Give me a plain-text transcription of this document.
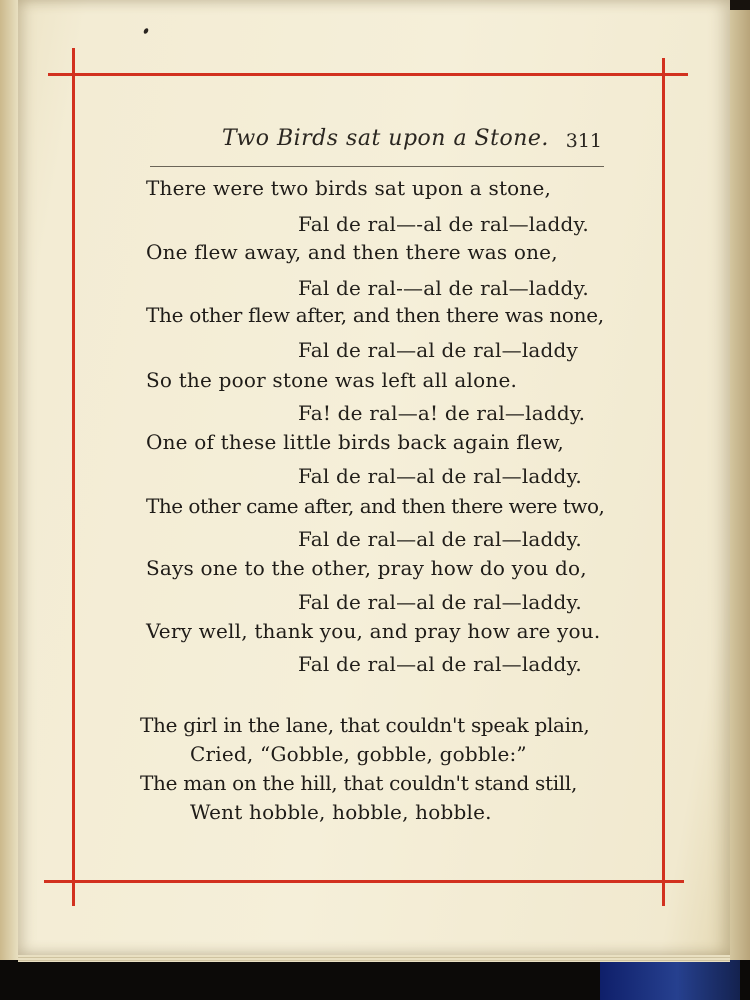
Two Birds sat upon a Stone. 311
There were two birds sat upon a stone,
Fal de ral—-al de ral—laddy.
One flew away, and then there was one,
Fal de ral-—al de ral—laddy.
The other flew after, and then there was none,
Fal de ral—al de ral—laddy
So the poor stone was left all alone.
Fa! de ral—a! de ral—laddy.
One of these little birds back again flew,
Fal de ral—al de ral—laddy.
The other came after, and then there were two,
Fal de ral—al de ral—laddy.
Says one to the other, pray how do you do,
Fal de ral—al de ral—laddy.
Very well, thank you, and pray how are you.
Fal de ral—al de ral—laddy.
The girl in the lane, that couldn't speak plain,
Cried, “Gobble, gobble, gobble:”
The man on the hill, that couldn't stand still,
Went hobble, hobble, hobble.
